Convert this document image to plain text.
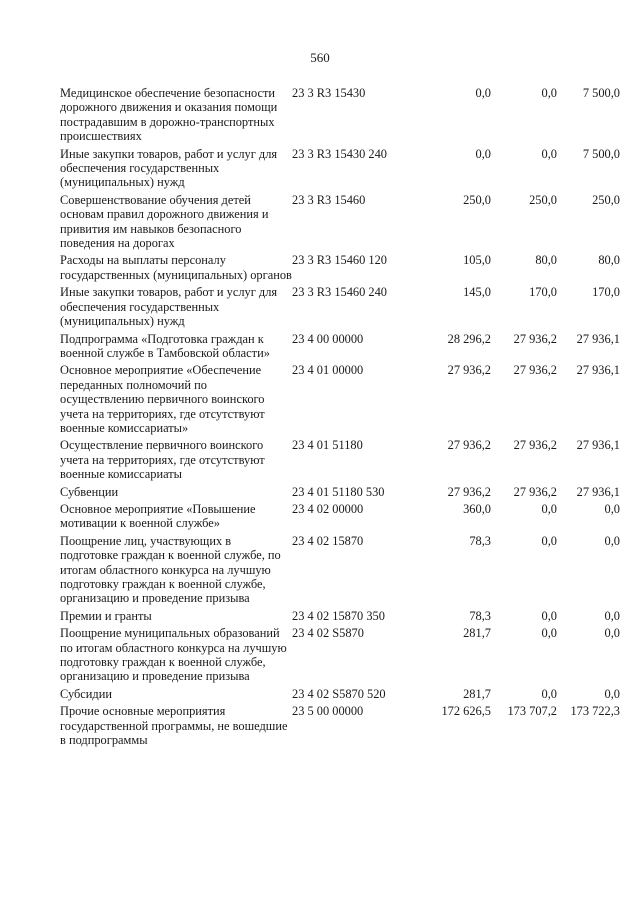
560
Медицинское обеспечение безопасности дорожного движения и оказания помощи пострадавшим в дорожно-транспортных происшествиях	23 3 R3 15430	0,0	0,0	7 500,0
Иные закупки товаров, работ и услуг для обеспечения государственных (муниципальных) нужд	23 3 R3 15430 240	0,0	0,0	7 500,0
Совершенствование обучения детей основам правил дорожного движения и привития им навыков безопасного поведения на дорогах	23 3 R3 15460	250,0	250,0	250,0
Расходы на выплаты персоналу государственных (муниципальных) органов	23 3 R3 15460 120	105,0	80,0	80,0
Иные закупки товаров, работ и услуг для обеспечения государственных (муниципальных) нужд	23 3 R3 15460 240	145,0	170,0	170,0
Подпрограмма «Подготовка граждан к военной службе в Тамбовской области»	23 4 00 00000	28 296,2	27 936,2	27 936,1
Основное мероприятие «Обеспечение переданных полномочий по осуществлению первичного воинского учета на территориях, где отсутствуют военные комиссариаты»	23 4 01 00000	27 936,2	27 936,2	27 936,1
Осуществление первичного воинского учета на территориях, где отсутствуют военные комиссариаты	23 4 01 51180	27 936,2	27 936,2	27 936,1
Субвенции	23 4 01 51180 530	27 936,2	27 936,2	27 936,1
Основное мероприятие «Повышение мотивации к военной службе»	23 4 02 00000	360,0	0,0	0,0
Поощрение лиц, участвующих в подготовке граждан к военной службе, по итогам областного конкурса на лучшую подготовку граждан к военной службе, организацию и проведение призыва	23 4 02 15870	78,3	0,0	0,0
Премии и гранты	23 4 02 15870 350	78,3	0,0	0,0
Поощрение муниципальных образований по итогам областного конкурса на лучшую подготовку граждан к военной службе, организацию и проведение призыва	23 4 02 S5870	281,7	0,0	0,0
Субсидии	23 4 02 S5870 520	281,7	0,0	0,0
Прочие основные мероприятия государственной программы, не вошедшие в подпрограммы	23 5 00 00000	172 626,5	173 707,2	173 722,3
